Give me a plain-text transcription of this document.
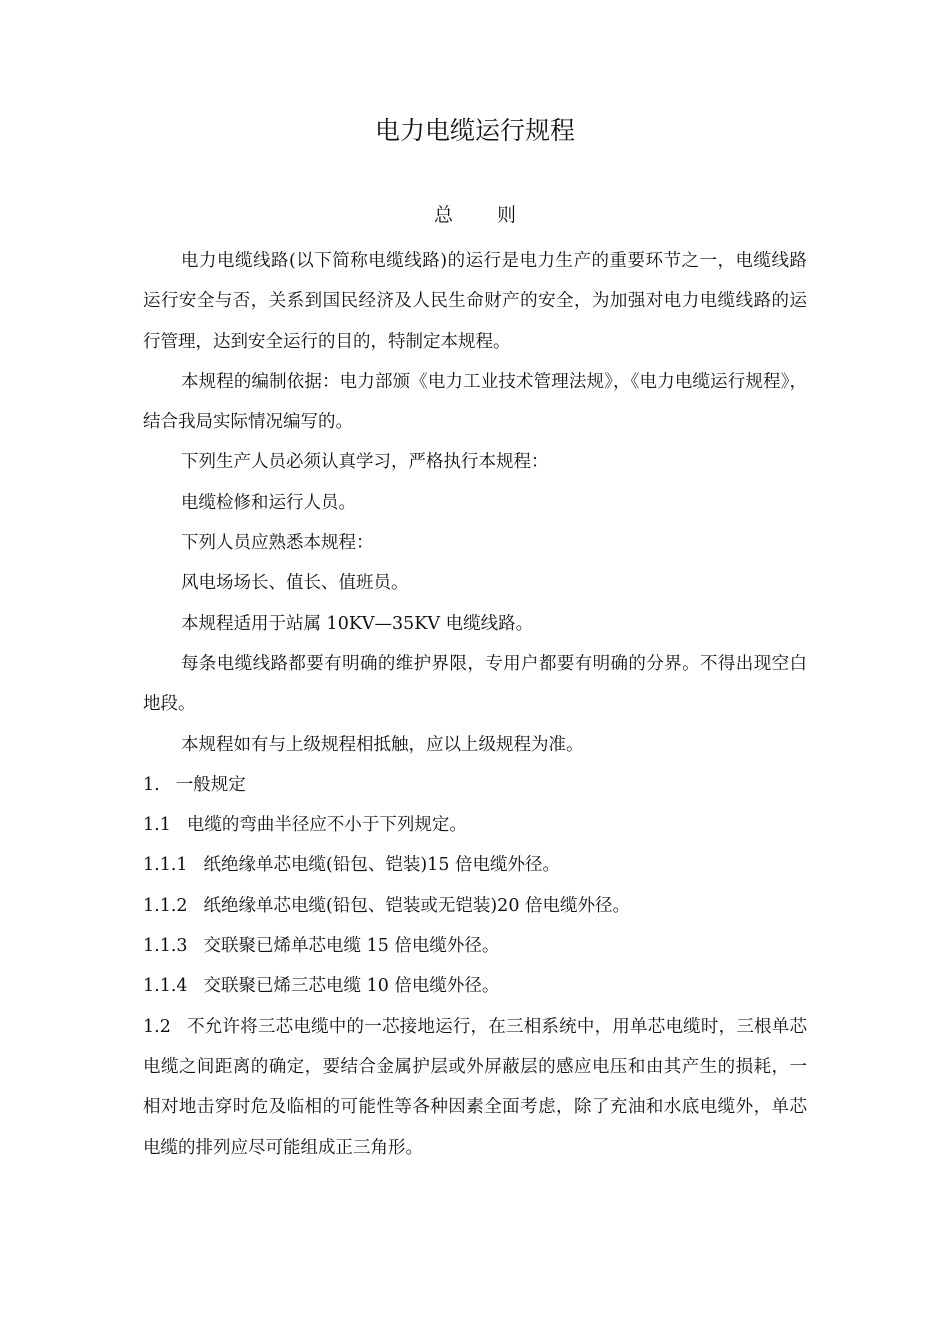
电力电缆运行规程
总则

电力电缆线路(以下简称电缆线路)的运行是电力生产的重要环节之一，电缆线路运行安全与否，关系到国民经济及人民生命财产的安全，为加强对电力电缆线路的运行管理，达到安全运行的目的，特制定本规程。

本规程的编制依据：电力部颁《电力工业技术管理法规》，《电力电缆运行规程》，结合我局实际情况编写的。

下列生产人员必须认真学习，严格执行本规程：

电缆检修和运行人员。

下列人员应熟悉本规程：

风电场场长、值长、值班员。

本规程适用于站属 10KV—35KV 电缆线路。

每条电缆线路都要有明确的维护界限，专用户都要有明确的分界。不得出现空白地段。

本规程如有与上级规程相抵触，应以上级规程为准。

1. 一般规定

1.1 电缆的弯曲半径应不小于下列规定。

1.1.1 纸绝缘单芯电缆(铅包、铠装)15 倍电缆外径。

1.1.2 纸绝缘单芯电缆(铅包、铠装或无铠装)20 倍电缆外径。

1.1.3 交联聚已烯单芯电缆 15 倍电缆外径。

1.1.4 交联聚已烯三芯电缆 10 倍电缆外径。

1.2 不允许将三芯电缆中的一芯接地运行，在三相系统中，用单芯电缆时，三根单芯电缆之间距离的确定，要结合金属护层或外屏蔽层的感应电压和由其产生的损耗，一相对地击穿时危及临相的可能性等各种因素全面考虑，除了充油和水底电缆外，单芯电缆的排列应尽可能组成正三角形。
